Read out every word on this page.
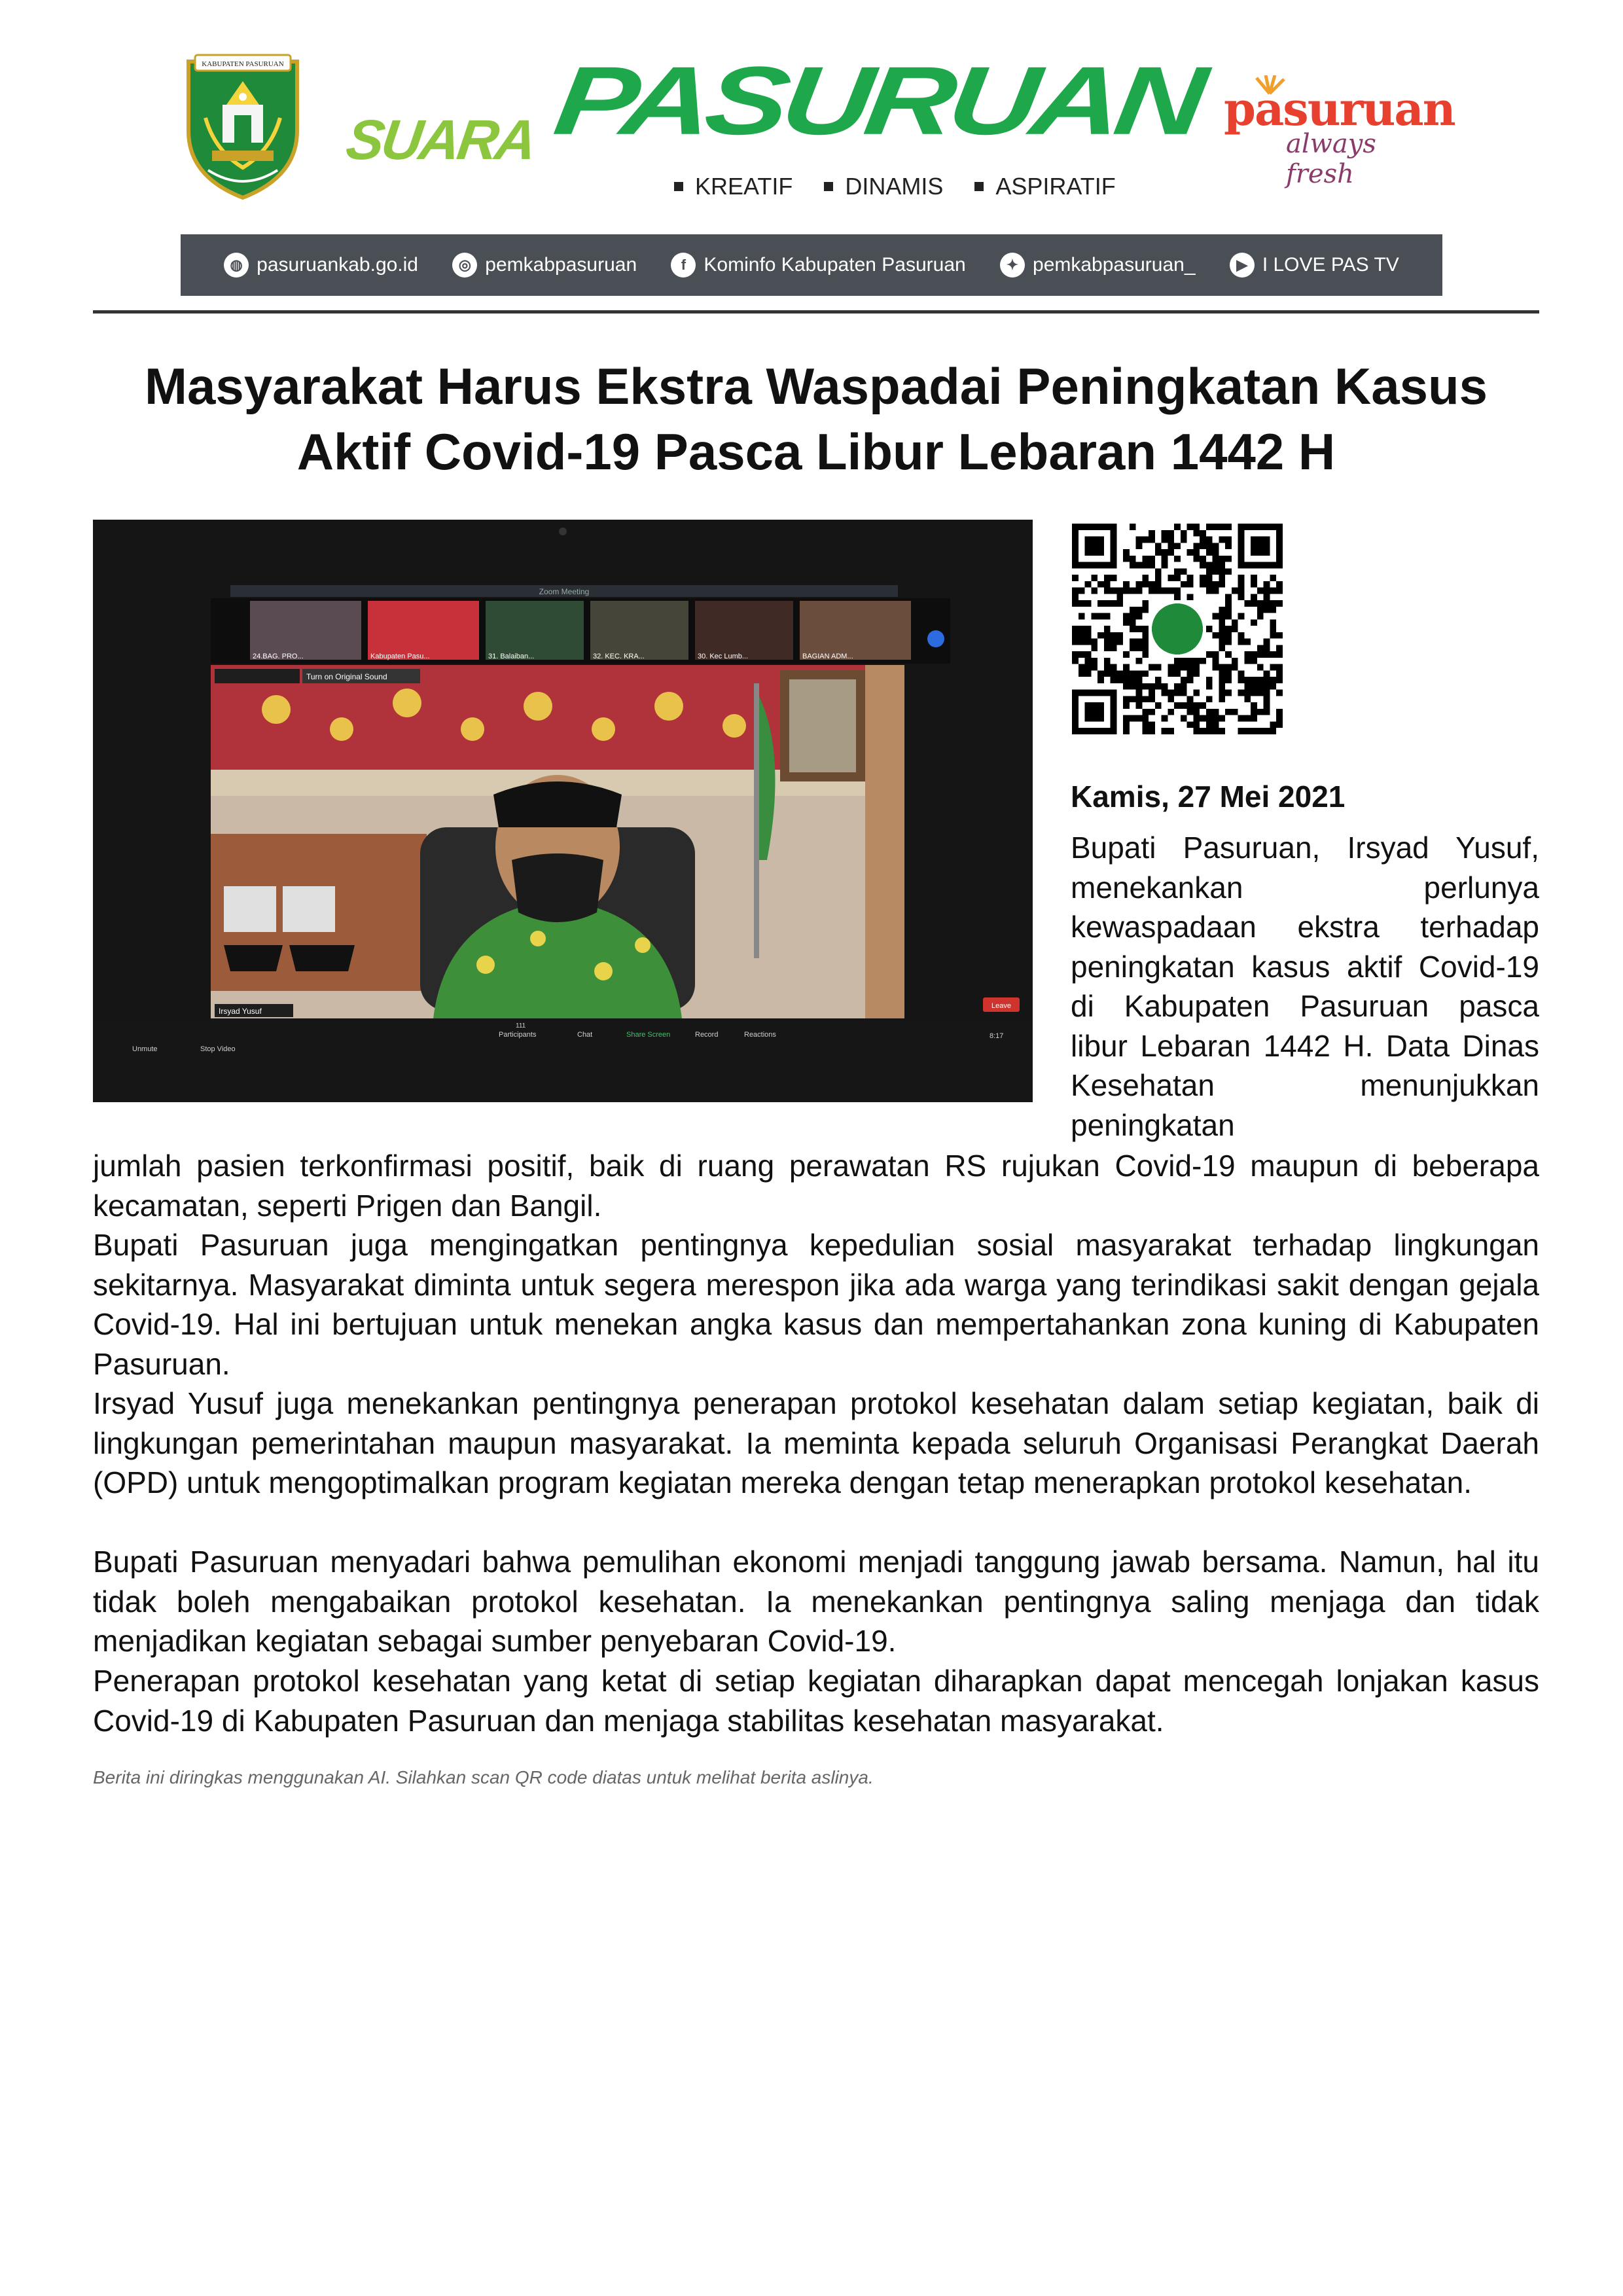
KABUPATEN PASURUAN
SUARA PASURUAN
KREATIF DINAMIS ASPIRATIF
pasuruan
always fresh
◍ pasuruankab.go.id	◎ pemkabpasuruan	f Kominfo Kabupaten Pasuruan	✦ pemkabpasuruan_	▶ I LOVE PAS TV
Masyarakat Harus Ekstra Waspadai Peningkatan Kasus
Aktif Covid-19 Pasca Libur Lebaran 1442 H
Zoom Meeting
24.BAG. PRO...	Kabupaten Pasu...	31. Balaiban...	32. KEC. KRA...	30. Kec Lumb...	BAGIAN ADM...
Turn on Original Sound
Irsyad Yusuf
Unmute	Stop Video
Participants
111
Chat	Share Screen	Record	Reactions	8:17
Leave
Kamis, 27 Mei 2021
Bupati Pasuruan, Irsyad Yusuf, menekankan perlunya kewaspadaan ekstra terhadap peningkatan kasus aktif Covid-19 di Kabupaten Pasuruan pasca libur Lebaran 1442 H. Data Dinas Kesehatan menunjukkan peningkatan
jumlah pasien terkonfirmasi positif, baik di ruang perawatan RS rujukan Covid-19 maupun di beberapa kecamatan, seperti Prigen dan Bangil.
Bupati Pasuruan juga mengingatkan pentingnya kepedulian sosial masyarakat terhadap lingkungan sekitarnya. Masyarakat diminta untuk segera merespon jika ada warga yang terindikasi sakit dengan gejala Covid-19. Hal ini bertujuan untuk menekan angka kasus dan mempertahankan zona kuning di Kabupaten Pasuruan.
Irsyad Yusuf juga menekankan pentingnya penerapan protokol kesehatan dalam setiap kegiatan, baik di lingkungan pemerintahan maupun masyarakat. Ia meminta kepada seluruh Organisasi Perangkat Daerah (OPD) untuk mengoptimalkan program kegiatan mereka dengan tetap menerapkan protokol kesehatan.
Bupati Pasuruan menyadari bahwa pemulihan ekonomi menjadi tanggung jawab bersama. Namun, hal itu tidak boleh mengabaikan protokol kesehatan. Ia menekankan pentingnya saling menjaga dan tidak menjadikan kegiatan sebagai sumber penyebaran Covid-19.
Penerapan protokol kesehatan yang ketat di setiap kegiatan diharapkan dapat mencegah lonjakan kasus Covid-19 di Kabupaten Pasuruan dan menjaga stabilitas kesehatan masyarakat.
Berita ini diringkas menggunakan AI. Silahkan scan QR code diatas untuk melihat berita aslinya.
